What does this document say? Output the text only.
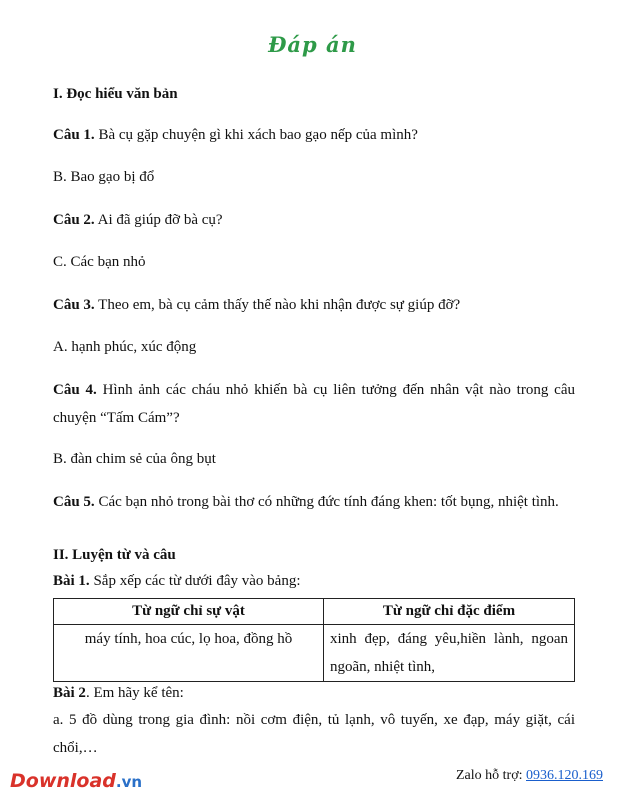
Đáp án
I. Đọc hiểu văn bản
Câu 1. Bà cụ gặp chuyện gì khi xách bao gạo nếp của mình?
B. Bao gạo bị đổ
Câu 2. Ai đã giúp đỡ bà cụ?
C. Các bạn nhỏ
Câu 3. Theo em, bà cụ cảm thấy thế nào khi nhận được sự giúp đỡ?
A. hạnh phúc, xúc động
Câu 4. Hình ảnh các cháu nhỏ khiến bà cụ liên tưởng đến nhân vật nào trong câu chuyện “Tấm Cám”?
B. đàn chim sẻ của ông bụt
Câu 5. Các bạn nhỏ trong bài thơ có những đức tính đáng khen: tốt bụng, nhiệt tình.
II. Luyện từ và câu
Bài 1. Sắp xếp các từ dưới đây vào bảng:
Từ ngữ chỉ sự vật	Từ ngữ chỉ đặc điểm
máy tính, hoa cúc, lọ hoa, đồng hồ	xinh đẹp, đáng yêu,hiền lành, ngoan ngoãn, nhiệt tình,
Bài 2. Em hãy kể tên:
a. 5 đồ dùng trong gia đình: nồi cơm điện, tủ lạnh, vô tuyến, xe đạp, máy giặt, cái chổi,…
Download.vn	Zalo hỗ trợ: 0936.120.169
